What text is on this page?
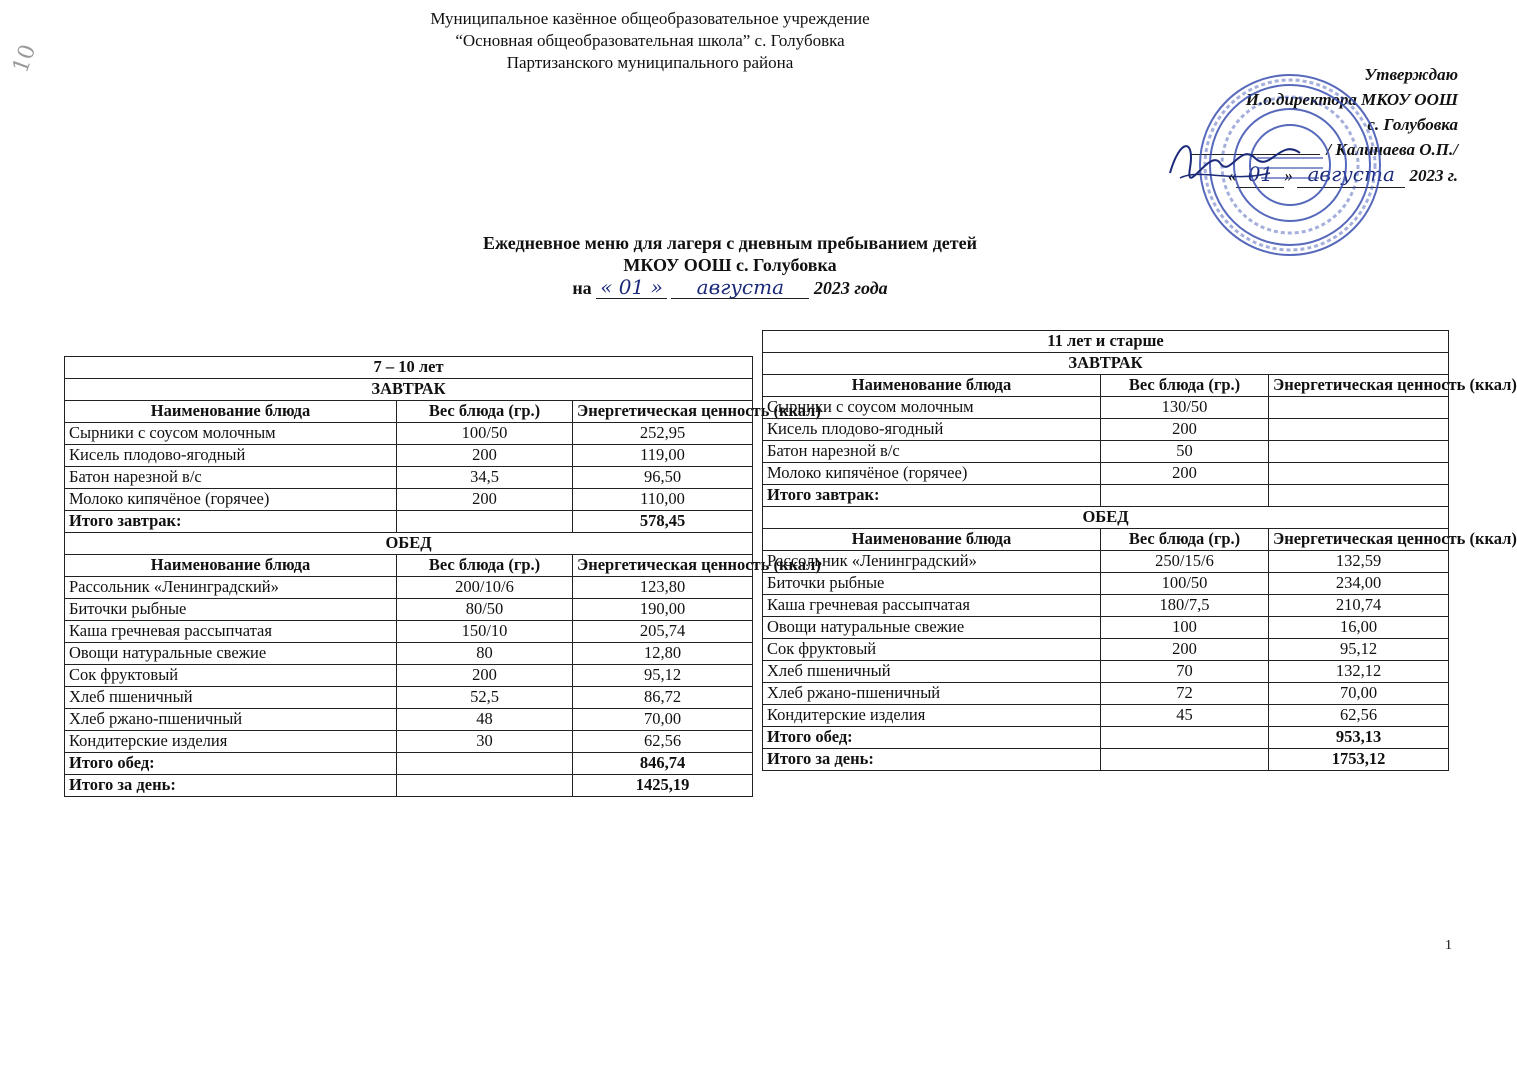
10
Муниципальное казённое общеобразовательное учреждение
“Основная общеобразовательная школа” с. Голубовка
Партизанского муниципального района
Утверждаю
И.о.директора МКОУ ООШ
с. Голубовка
/ Калинаева О.П./
« 01 » августа 2023 г.
Ежедневное меню для лагеря с дневным пребыванием детей
МКОУ ООШ с. Голубовка
на « 01 » августа 2023 года
7 – 10 лет		
ЗАВТРАК		
Наименование блюда	Вес блюда (гр.)	Энергетическая ценность (ккал)
Сырники с соусом молочным	100/50	252,95
Кисель плодово-ягодный	200	119,00
Батон нарезной в/с	34,5	96,50
Молоко кипячёное (горячее)	200	110,00
Итого завтрак:		578,45
ОБЕД		
Наименование блюда	Вес блюда (гр.)	Энергетическая ценность (ккал)
Рассольник «Ленинградский»	200/10/6	123,80
Биточки рыбные	80/50	190,00
Каша гречневая рассыпчатая	150/10	205,74
Овощи натуральные свежие	80	12,80
Сок фруктовый	200	95,12
Хлеб пшеничный	52,5	86,72
Хлеб ржано-пшеничный	48	70,00
Кондитерские изделия	30	62,56
Итого обед:		846,74
Итого за день:		1425,19
11 лет и старше		
ЗАВТРАК		
Наименование блюда	Вес блюда (гр.)	Энергетическая ценность (ккал)
Сырники с соусом молочным	130/50	
Кисель плодово-ягодный	200	
Батон нарезной в/с	50	
Молоко кипячёное (горячее)	200	
Итого завтрак:		
ОБЕД		
Наименование блюда	Вес блюда (гр.)	Энергетическая ценность (ккал)
Рассольник «Ленинградский»	250/15/6	132,59
Биточки рыбные	100/50	234,00
Каша гречневая рассыпчатая	180/7,5	210,74
Овощи натуральные свежие	100	16,00
Сок фруктовый	200	95,12
Хлеб пшеничный	70	132,12
Хлеб ржано-пшеничный	72	70,00
Кондитерские изделия	45	62,56
Итого обед:		953,13
Итого за день:		1753,12
1
